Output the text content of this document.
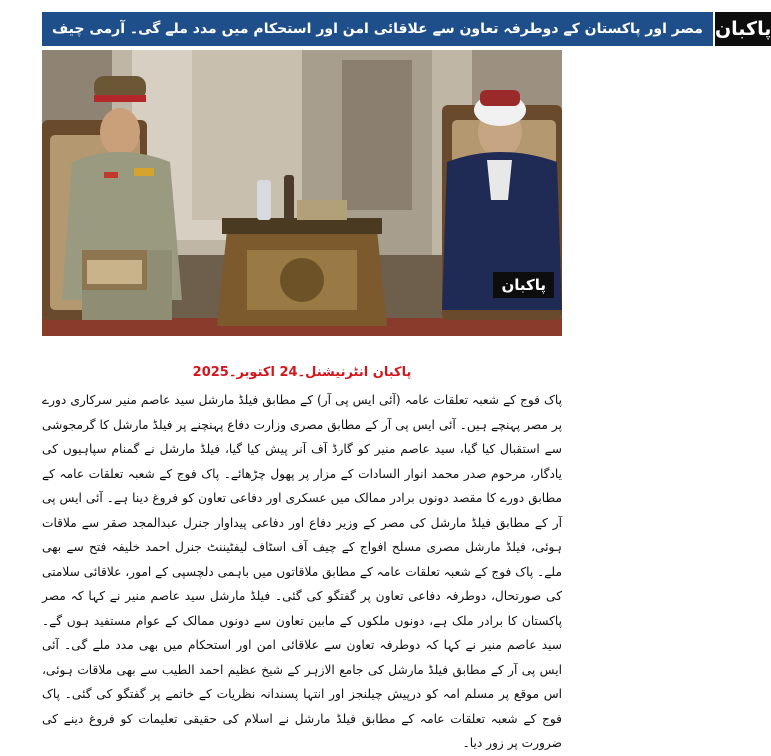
مصر اور پاکستان کے دوطرفہ تعاون سے علاقائی امن اور استحکام میں مدد ملے گی۔ آرمی چیف پاکبان
پاکبان
پاکبان انٹرنیشنل۔24 اکتوبر۔2025

پاک فوج کے شعبہ تعلقات عامہ (آئی ایس پی آر) کے مطابق فیلڈ مارشل سید عاصم منیر سرکاری دورے پر مصر پہنچے ہیں۔ آئی ایس پی آر کے مطابق مصری وزارت دفاع پہنچنے پر فیلڈ مارشل کا گرمجوشی سے استقبال کیا گیا، سید عاصم منیر کو گارڈ آف آنر پیش کیا گیا، فیلڈ مارشل نے گمنام سپاہیوں کی یادگار، مرحوم صدر محمد انوار السادات کے مزار پر پھول چڑھائے۔ پاک فوج کے شعبہ تعلقات عامہ کے مطابق دورے کا مقصد دونوں برادر ممالک میں عسکری اور دفاعی تعاون کو فروغ دینا ہے۔ آئی ایس پی آر کے مطابق فیلڈ مارشل کی مصر کے وزیر دفاع اور دفاعی پیداوار جنرل عبدالمجد صقر سے ملاقات ہوئی، فیلڈ مارشل مصری مسلح افواج کے چیف آف اسٹاف لیفٹیننٹ جنرل احمد خلیفہ فتح سے بھی ملے۔ پاک فوج کے شعبہ تعلقات عامہ کے مطابق ملاقاتوں میں باہمی دلچسپی کے امور، علاقائی سلامتی کی صورتحال، دوطرفہ دفاعی تعاون پر گفتگو کی گئی۔ فیلڈ مارشل سید عاصم منیر نے کہا کہ مصر پاکستان کا برادر ملک ہے، دونوں ملکوں کے مابین تعاون سے دونوں ممالک کے عوام مستفید ہوں گے۔ سید عاصم منیر نے کہا کہ دوطرفہ تعاون سے علاقائی امن اور استحکام میں بھی مدد ملے گی۔ آئی ایس پی آر کے مطابق فیلڈ مارشل کی جامع الازہر کے شیخ عظیم احمد الطیب سے بھی ملاقات ہوئی، اس موقع پر مسلم امہ کو درپیش چیلنجز اور انتہا پسندانہ نظریات کے خاتمے پر گفتگو کی گئی۔ پاک فوج کے شعبہ تعلقات عامہ کے مطابق فیلڈ مارشل نے اسلام کی حقیقی تعلیمات کو فروغ دینے کی ضرورت پر زور دیا۔
